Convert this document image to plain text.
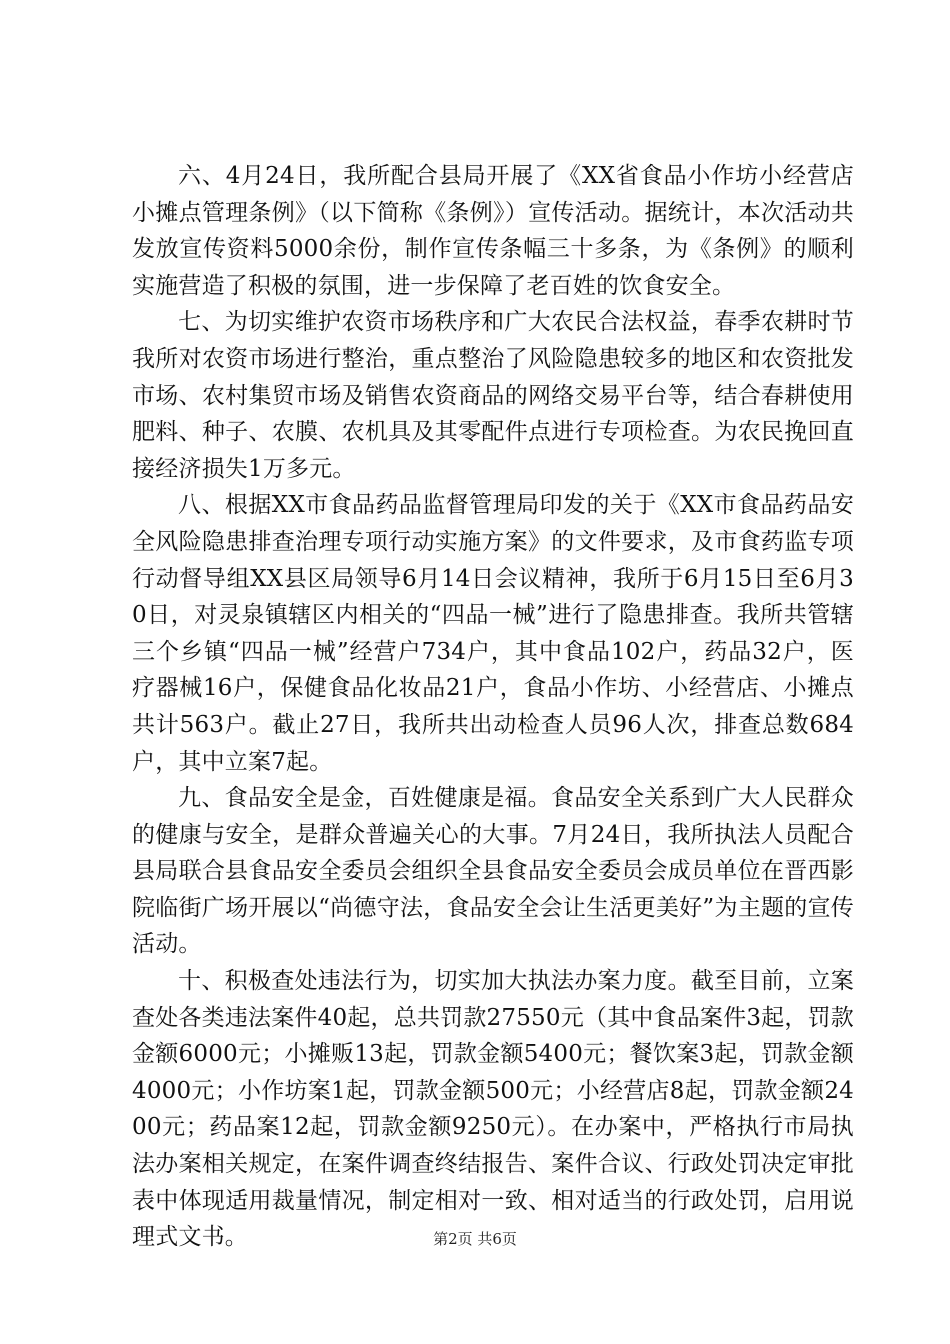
六、4月24日，我所配合县局开展了《XX省食品小作坊小经营店小摊点管理条例》（以下简称《条例》）宣传活动。据统计，本次活动共发放宣传资料5000余份，制作宣传条幅三十多条，为《条例》的顺利实施营造了积极的氛围，进一步保障了老百姓的饮食安全。

七、为切实维护农资市场秩序和广大农民合法权益，春季农耕时节我所对农资市场进行整治，重点整治了风险隐患较多的地区和农资批发市场、农村集贸市场及销售农资商品的网络交易平台等，结合春耕使用肥料、种子、农膜、农机具及其零配件点进行专项检查。为农民挽回直接经济损失1万多元。

八、根据XX市食品药品监督管理局印发的关于《XX市食品药品安全风险隐患排查治理专项行动实施方案》的文件要求，及市食药监专项行动督导组XX县区局领导6月14日会议精神，我所于6月15日至6月30日，对灵泉镇辖区内相关的“四品一械”进行了隐患排查。我所共管辖三个乡镇“四品一械”经营户734户，其中食品102户，药品32户，医疗器械16户，保健食品化妆品21户，食品小作坊、小经营店、小摊点共计563户。截止27日，我所共出动检查人员96人次，排查总数684户，其中立案7起。

九、食品安全是金，百姓健康是福。食品安全关系到广大人民群众的健康与安全，是群众普遍关心的大事。7月24日，我所执法人员配合县局联合县食品安全委员会组织全县食品安全委员会成员单位在晋西影院临街广场开展以“尚德守法，食品安全会让生活更美好”为主题的宣传活动。

十、积极查处违法行为，切实加大执法办案力度。截至目前，立案查处各类违法案件40起，总共罚款27550元（其中食品案件3起，罚款金额6000元；小摊贩13起，罚款金额5400元；餐饮案3起，罚款金额4000元；小作坊案1起，罚款金额500元；小经营店8起，罚款金额2400元；药品案12起，罚款金额9250元）。在办案中，严格执行市局执法办案相关规定，在案件调查终结报告、案件合议、行政处罚决定审批表中体现适用裁量情况，制定相对一致、相对适当的行政处罚，启用说理式文书。	第2页 共6页
